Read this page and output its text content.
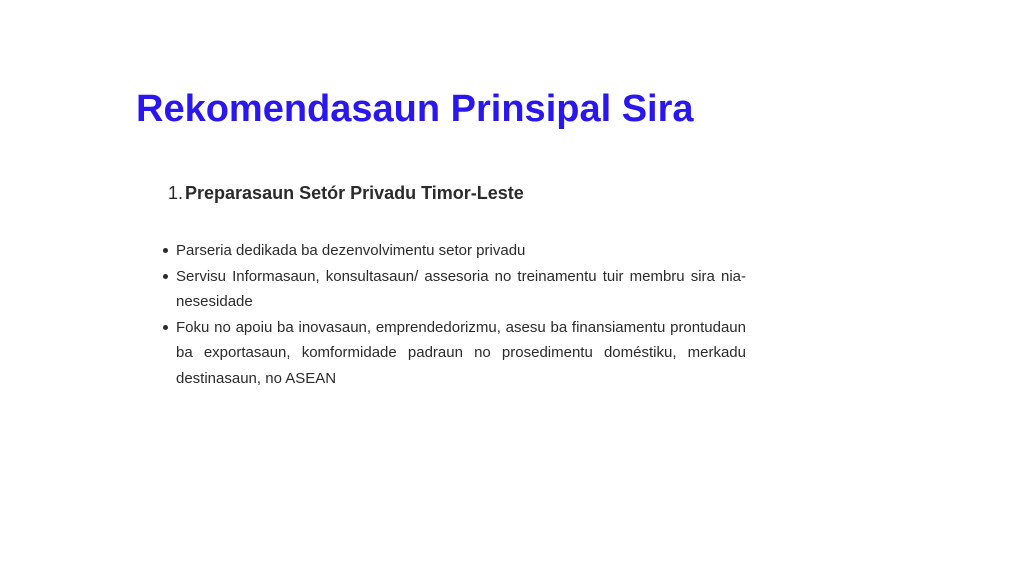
Rekomendasaun Prinsipal Sira
1. Preparasaun Setór Privadu Timor-Leste
Parseria dedikada ba dezenvolvimentu setor privadu
Servisu Informasaun, konsultasaun/ assesoria no treinamentu tuir membru sira nia-nesesidade
Foku no apoiu ba inovasaun, emprendedorizmu, asesu ba finansiamentu prontudaun ba exportasaun, komformidade padraun no prosedimentu doméstiku, merkadu destinasaun, no ASEAN
